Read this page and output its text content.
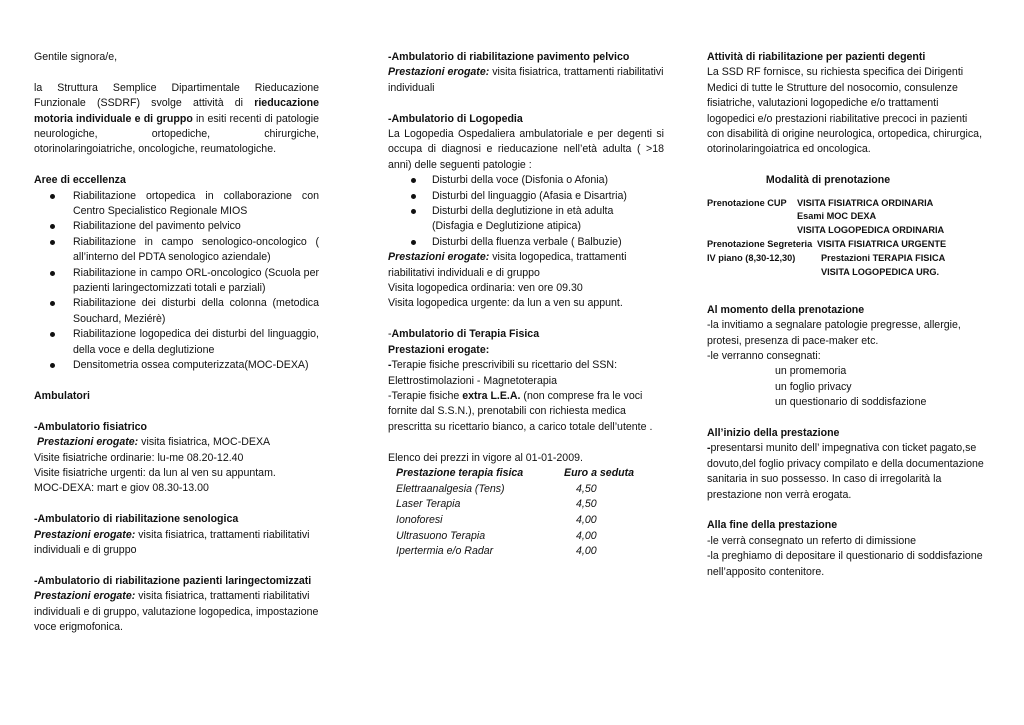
Gentile signora/e,

la Struttura Semplice Dipartimentale Rieducazione Funzionale (SSDRF) svolge attività di rieducazione motoria individuale e di gruppo in esiti recenti di patologie neurologiche, ortopediche, chirurgiche, otorinolaringoiatriche, oncologiche, reumatologiche.

Aree di eccellenza

Riabilitazione ortopedica in collaborazione con Centro Specialistico Regionale MIOS
Riabilitazione del pavimento pelvico
Riabilitazione in campo senologico-oncologico ( all’interno del PDTA senologico aziendale)
Riabilitazione in campo ORL-oncologico (Scuola per pazienti laringectomizzati totali e parziali)
Riabilitazione dei disturbi della colonna (metodica Souchard, Meziérè)
Riabilitazione logopedica dei disturbi del linguaggio, della voce e della deglutizione
Densitometria ossea computerizzata(MOC-DEXA)

Ambulatori

-Ambulatorio fisiatrico

Prestazioni erogate: visita fisiatrica, MOC-DEXA

Visite fisiatriche ordinarie: lu-me 08.20-12.40

Visite fisiatriche urgenti: da lun al ven su appuntam.

MOC-DEXA: mart e giov 08.30-13.00

-Ambulatorio di riabilitazione senologica

Prestazioni erogate: visita fisiatrica, trattamenti riabilitativi individuali e di gruppo

-Ambulatorio di riabilitazione pazienti laringectomizzati

Prestazioni erogate: visita fisiatrica, trattamenti riabilitativi individuali e di gruppo, valutazione logopedica, impostazione voce erigmofonica.

-Ambulatorio di riabilitazione pavimento pelvico

Prestazioni erogate: visita fisiatrica, trattamenti riabilitativi individuali

-Ambulatorio di Logopedia

La Logopedia Ospedaliera ambulatoriale e per degenti si occupa di diagnosi e rieducazione nell’età adulta ( >18 anni) delle seguenti patologie :

Disturbi della voce (Disfonia o Afonia)
Disturbi del linguaggio (Afasia e Disartria)
Disturbi della deglutizione in età adulta

(Disfagia e Deglutizione atipica)

Disturbi della fluenza verbale ( Balbuzie)

Prestazioni erogate: visita logopedica, trattamenti riabilitativi individuali e di gruppo

Visita logopedica ordinaria: ven ore 09.30

Visita logopedica urgente: da lun a ven su appunt.

-Ambulatorio di Terapia Fisica

Prestazioni erogate:

-Terapie fisiche prescrivibili su ricettario del SSN: Elettrostimolazioni - Magnetoterapia

-Terapie fisiche extra L.E.A. (non comprese fra le voci fornite dal S.S.N.), prenotabili con richiesta medica prescritta su ricettario bianco, a carico totale dell’utente .

Elenco dei prezzi in vigore al 01-01-2009.

Prestazione terapia fisica	Euro a seduta
Elettraanalgesia (Tens)	4,50
Laser Terapia	4,50
Ionoforesi	4,00
Ultrasuono Terapia	4,00
Ipertermia e/o Radar	4,00

Attività di riabilitazione per pazienti degenti

La SSD RF fornisce, su richiesta specifica dei Dirigenti Medici di tutte le Strutture del nosocomio, consulenze fisiatriche, valutazioni logopediche e/o trattamenti logopedici e/o prestazioni riabilitative precoci in pazienti con disabilità di origine neurologica, ortopedica, chirurgica, otorinolaringoiatrica ed oncologica.

Modalità di prenotazione

Prenotazione CUP	VISITA FISIATRICA ORDINARIA
Esami MOC DEXA
VISITA LOGOPEDICA ORDINARIA
Prenotazione Segreteria VISITA FISIATRICA URGENTE
IV piano (8,30-12,30)	Prestazioni TERAPIA FISICA
VISITA LOGOPEDICA URG.

Al momento della prenotazione

-la invitiamo a segnalare patologie pregresse, allergie, protesi, presenza di pace-maker etc.

-le verranno consegnati:

un promemoria

un foglio privacy

un questionario di soddisfazione

All’inizio della prestazione

-presentarsi munito dell’ impegnativa con ticket pagato,se dovuto,del foglio privacy compilato e della documentazione sanitaria in suo possesso. In caso di irregolarità la prestazione non verrà erogata.

Alla fine della prestazione

-le verrà consegnato un referto di dimissione

-la preghiamo di depositare il questionario di soddisfazione nell’apposito contenitore.
